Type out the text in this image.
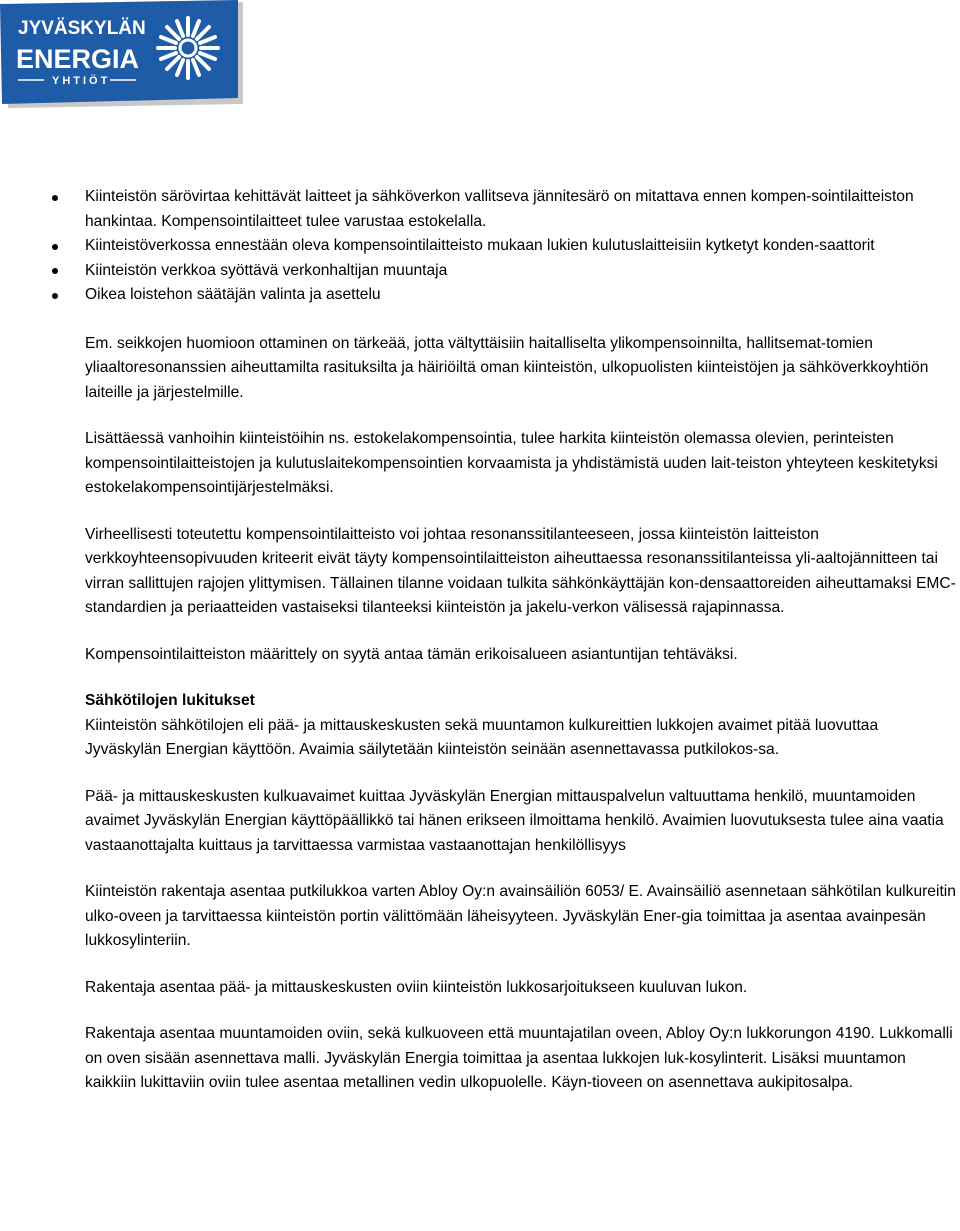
JYVÄSKYLÄN
ENERGIA
YHTIÖT
Kiinteistön särövirtaa kehittävät laitteet ja sähköverkon vallitseva jännitesärö on mitattava ennen kompen-sointilaitteiston hankintaa. Kompensointilaitteet tulee varustaa estokelalla.
Kiinteistöverkossa ennestään oleva kompensointilaitteisto mukaan lukien kulutuslaitteisiin kytketyt konden-saattorit
Kiinteistön verkkoa syöttävä verkonhaltijan muuntaja
Oikea loistehon säätäjän valinta ja asettelu

Em. seikkojen huomioon ottaminen on tärkeää, jotta vältyttäisiin haitalliselta ylikompensoinnilta, hallitsemat-tomien yliaaltoresonanssien aiheuttamilta rasituksilta ja häiriöiltä oman kiinteistön, ulkopuolisten kiinteistöjen ja sähköverkkoyhtiön laiteille ja järjestelmille.

Lisättäessä vanhoihin kiinteistöihin ns. estokelakompensointia, tulee harkita kiinteistön olemassa olevien, perinteisten kompensointilaitteistojen ja kulutuslaitekompensointien korvaamista ja yhdistämistä uuden lait-teiston yhteyteen keskitetyksi estokelakompensointijärjestelmäksi.

Virheellisesti toteutettu kompensointilaitteisto voi johtaa resonanssitilanteeseen, jossa kiinteistön laitteiston verkkoyhteensopivuuden kriteerit eivät täyty kompensointilaitteiston aiheuttaessa resonanssitilanteissa yli-aaltojännitteen tai virran sallittujen rajojen ylittymisen. Tällainen tilanne voidaan tulkita sähkönkäyttäjän kon-densaattoreiden aiheuttamaksi EMC-standardien ja periaatteiden vastaiseksi tilanteeksi kiinteistön ja jakelu-verkon välisessä rajapinnassa.

Kompensointilaitteiston määrittely on syytä antaa tämän erikoisalueen asiantuntijan tehtäväksi.

Sähkötilojen lukitukset

Kiinteistön sähkötilojen eli pää- ja mittauskeskusten sekä muuntamon kulkureittien lukkojen avaimet pitää luovuttaa Jyväskylän Energian käyttöön. Avaimia säilytetään kiinteistön seinään asennettavassa putkilokos-sa.

Pää- ja mittauskeskusten kulkuavaimet kuittaa Jyväskylän Energian mittauspalvelun valtuuttama henkilö, muuntamoiden avaimet Jyväskylän Energian käyttöpäällikkö tai hänen erikseen ilmoittama henkilö. Avaimien luovutuksesta tulee aina vaatia vastaanottajalta kuittaus ja tarvittaessa varmistaa vastaanottajan henkilöllisyys

Kiinteistön rakentaja asentaa putkilukkoa varten Abloy Oy:n avainsäiliön 6053/ E. Avainsäiliö asennetaan sähkötilan kulkureitin ulko-oveen ja tarvittaessa kiinteistön portin välittömään läheisyyteen. Jyväskylän Ener-gia toimittaa ja asentaa avainpesän lukkosylinteriin.

Rakentaja asentaa pää- ja mittauskeskusten oviin kiinteistön lukkosarjoitukseen kuuluvan lukon.

Rakentaja asentaa muuntamoiden oviin, sekä kulkuoveen että muuntajatilan oveen, Abloy Oy:n lukkorungon 4190. Lukkomalli on oven sisään asennettava malli. Jyväskylän Energia toimittaa ja asentaa lukkojen luk-kosylinterit. Lisäksi muuntamon kaikkiin lukittaviin oviin tulee asentaa metallinen vedin ulkopuolelle. Käyn-tioveen on asennettava aukipitosalpa.
